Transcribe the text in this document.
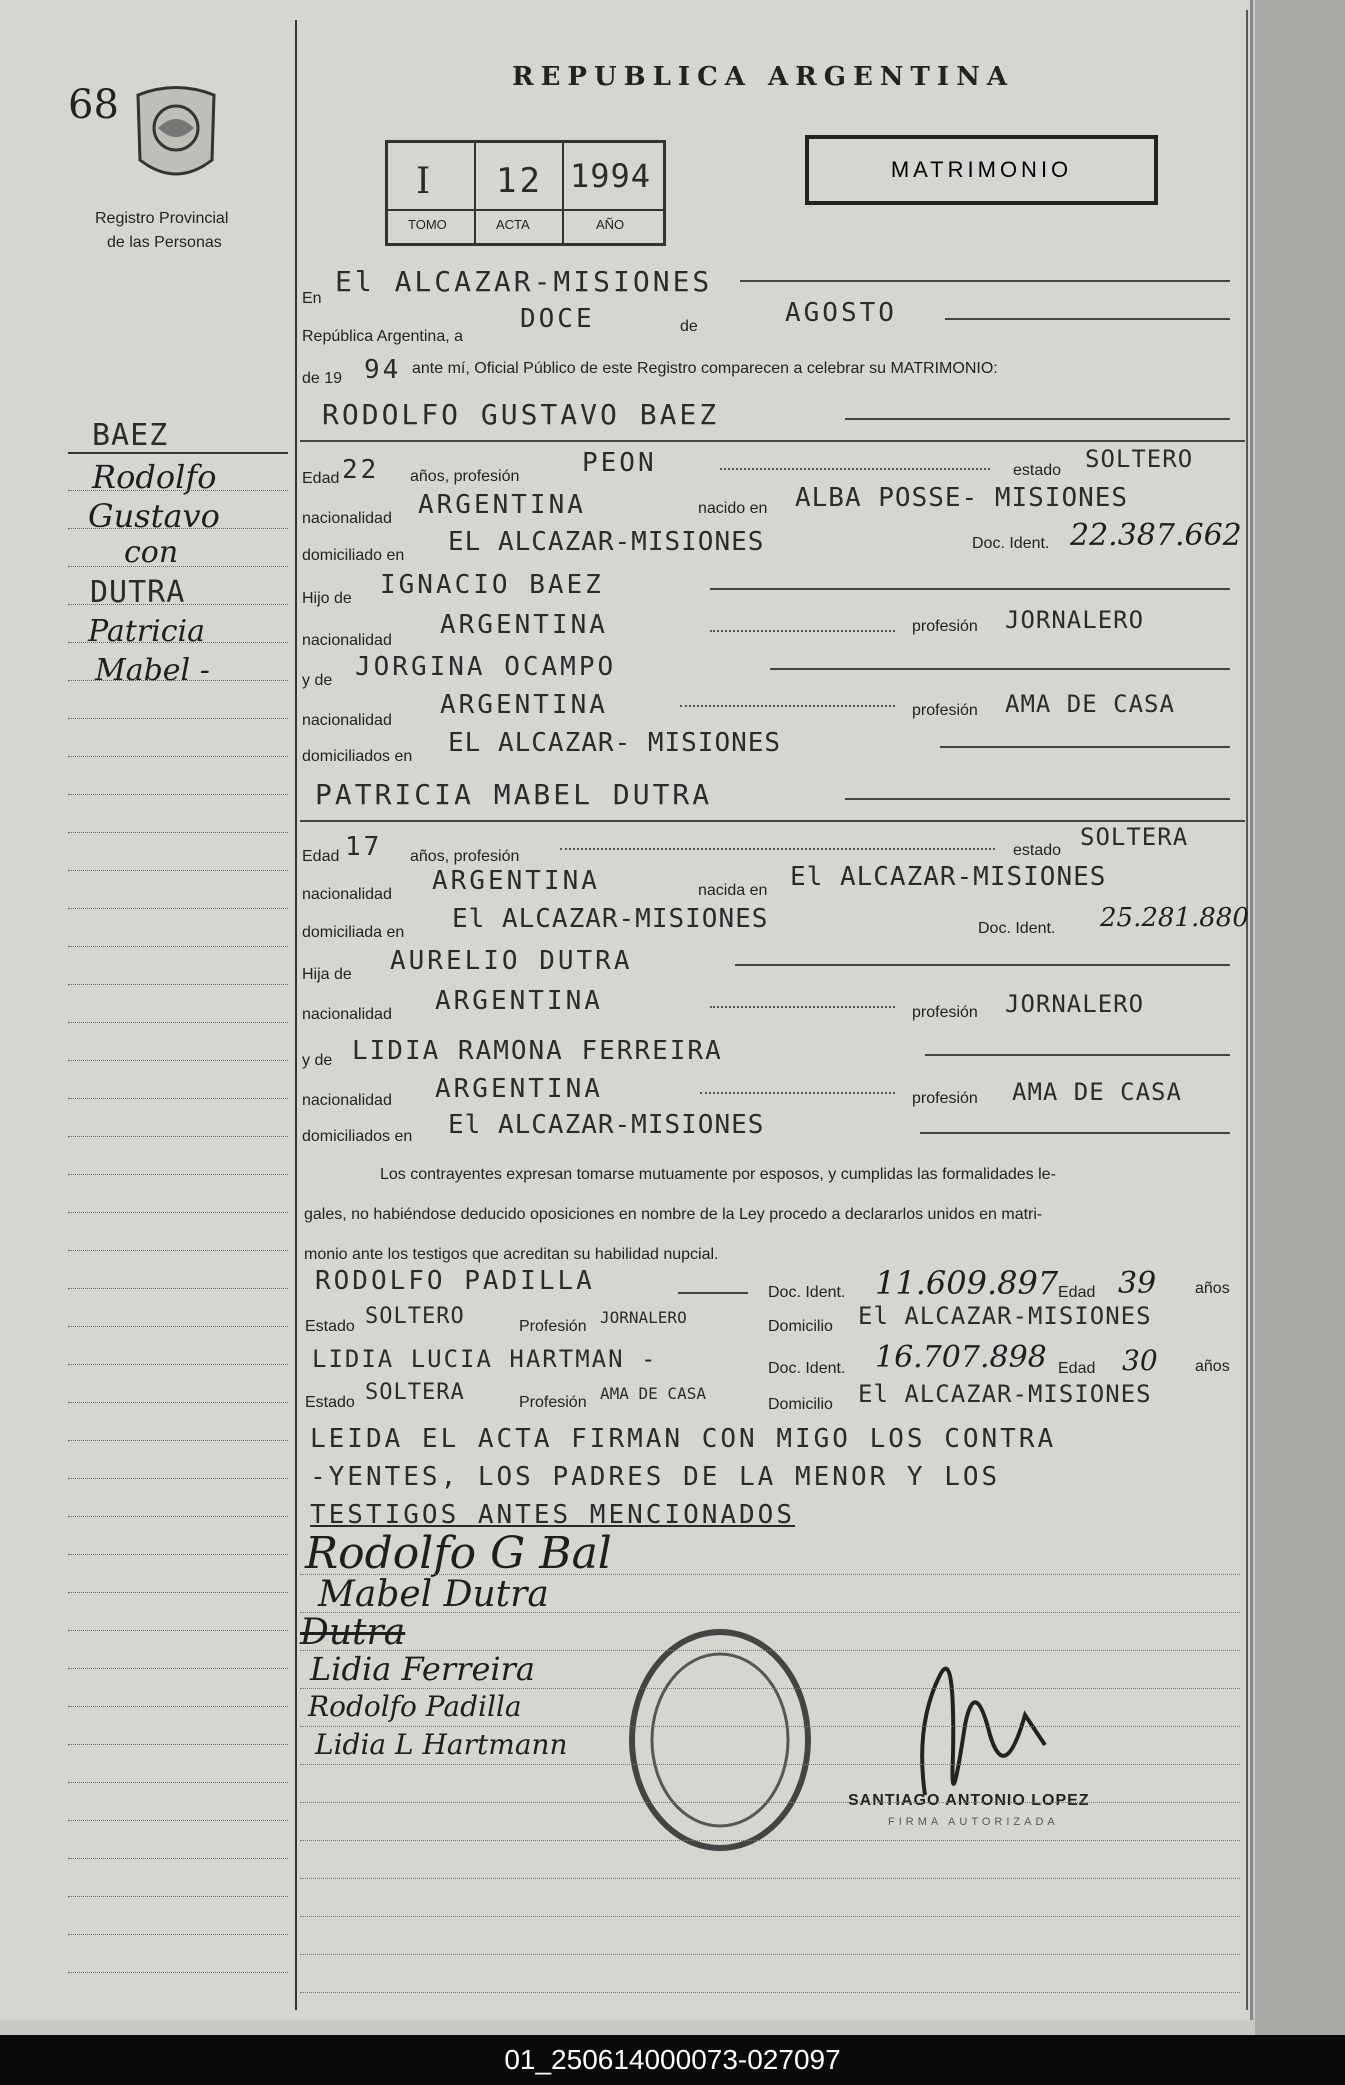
68
Registro Provincial
de las Personas
REPUBLICA ARGENTINA
I 12 1994
TOMO	ACTA	AÑO
MATRIMONIO
BAEZ
Rodolfo
Gustavo
con
DUTRA
Patricia
Mabel -
En
El ALCAZAR-MISIONES
República Argentina, a
DOCE	de	AGOSTO
de 19 94 ante mí, Oficial Público de este Registro comparecen a celebrar su MATRIMONIO:
RODOLFO GUSTAVO BAEZ
Edad 22 años, profesión PEON	estado SOLTERO
nacionalidad ARGENTINA	nacido en ALBA POSSE- MISIONES
domiciliado en EL ALCAZAR-MISIONES	Doc. Ident. 22.387.662
Hijo de IGNACIO BAEZ
nacionalidad
ARGENTINA	profesión JORNALERO
y de JORGINA OCAMPO
nacionalidad
ARGENTINA	profesión AMA DE CASA
domiciliados en EL ALCAZAR- MISIONES
PATRICIA MABEL DUTRA
Edad 17 años, profesión	estado SOLTERA
nacionalidad ARGENTINA	nacida en El ALCAZAR-MISIONES
domiciliada en El ALCAZAR-MISIONES	Doc. Ident. 25.281.880
Hija de AURELIO DUTRA
nacionalidad ARGENTINA	profesión JORNALERO
y de LIDIA RAMONA FERREIRA
nacionalidad ARGENTINA	profesión AMA DE CASA
domiciliados en El ALCAZAR-MISIONES
Los contrayentes expresan tomarse mutuamente por esposos, y cumplidas las formalidades le-
gales, no habiéndose deducido oposiciones en nombre de la Ley procedo a declararlos unidos en matri-
monio ante los testigos que acreditan su habilidad nupcial.
RODOLFO PADILLA	Doc. Ident. 11.609.897 Edad 39 años
Estado SOLTERO	Profesión JORNALERO	Domicilio El ALCAZAR-MISIONES
LIDIA LUCIA HARTMAN -	Doc. Ident. 16.707.898 Edad 30 años
Estado SOLTERA	Profesión AMA DE CASA
Domicilio El ALCAZAR-MISIONES
LEIDA EL ACTA FIRMAN CON MIGO LOS CONTRA
-YENTES, LOS PADRES DE LA MENOR Y LOS
TESTIGOS ANTES MENCIONADOS
Rodolfo G Bal
Mabel Dutra
Dutra
Lidia Ferreira
Rodolfo Padilla
Lidia L Hartmann
SANTIAGO ANTONIO LOPEZ
FIRMA AUTORIZADA
01_250614000073-027097
